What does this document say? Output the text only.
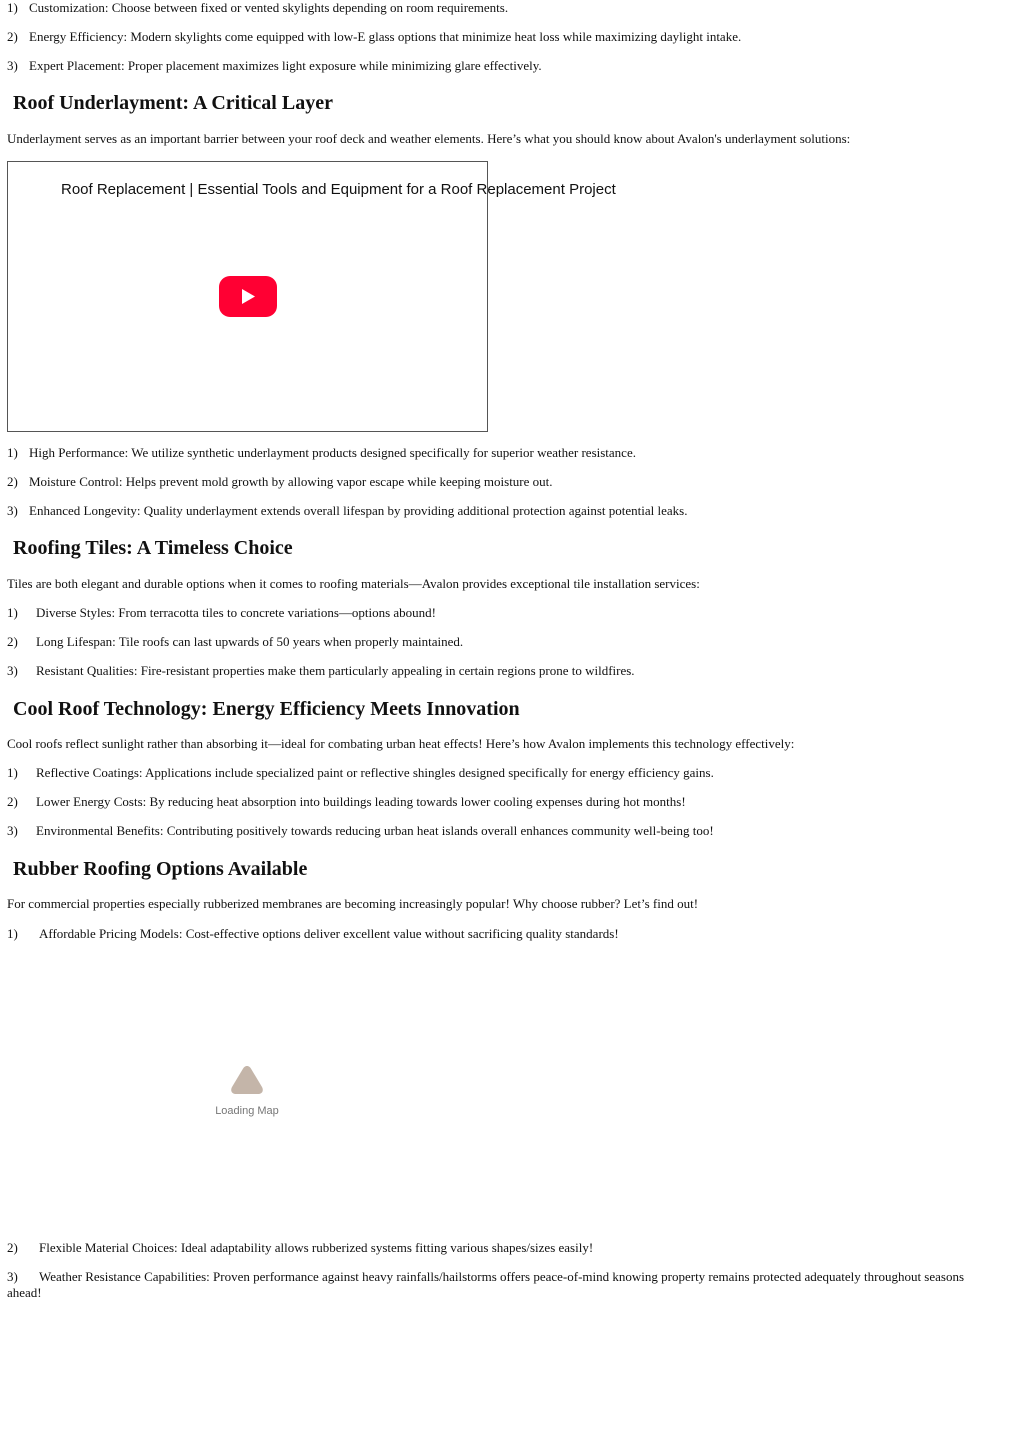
1) Customization: Choose between fixed or vented skylights depending on room requirements.

2) Energy Efficiency: Modern skylights come equipped with low-E glass options that minimize heat loss while maximizing daylight intake.

3) Expert Placement: Proper placement maximizes light exposure while minimizing glare effectively.

Roof Underlayment: A Critical Layer

Underlayment serves as an important barrier between your roof deck and weather elements. Here’s what you should know about Avalon's underlayment solutions:

Roof Replacement | Essential Tools and Equipment for a Roof Replacement Project

1) High Performance: We utilize synthetic underlayment products designed specifically for superior weather resistance.

2) Moisture Control: Helps prevent mold growth by allowing vapor escape while keeping moisture out.

3) Enhanced Longevity: Quality underlayment extends overall lifespan by providing additional protection against potential leaks.

Roofing Tiles: A Timeless Choice

Tiles are both elegant and durable options when it comes to roofing materials—Avalon provides exceptional tile installation services:

1) Diverse Styles: From terracotta tiles to concrete variations—options abound!

2) Long Lifespan: Tile roofs can last upwards of 50 years when properly maintained.

3) Resistant Qualities: Fire-resistant properties make them particularly appealing in certain regions prone to wildfires.

Cool Roof Technology: Energy Efficiency Meets Innovation

Cool roofs reflect sunlight rather than absorbing it—ideal for combating urban heat effects! Here’s how Avalon implements this technology effectively:

1) Reflective Coatings: Applications include specialized paint or reflective shingles designed specifically for energy efficiency gains.

2) Lower Energy Costs: By reducing heat absorption into buildings leading towards lower cooling expenses during hot months!

3) Environmental Benefits: Contributing positively towards reducing urban heat islands overall enhances community well-being too!

Rubber Roofing Options Available

For commercial properties especially rubberized membranes are becoming increasingly popular! Why choose rubber? Let’s find out!

1) Affordable Pricing Models: Cost-effective options deliver excellent value without sacrificing quality standards!

Loading Map

2) Flexible Material Choices: Ideal adaptability allows rubberized systems fitting various shapes/sizes easily!

3) Weather Resistance Capabilities: Proven performance against heavy rainfalls/hailstorms offers peace-of-mind knowing property remains protected adequately throughout seasons ahead!
